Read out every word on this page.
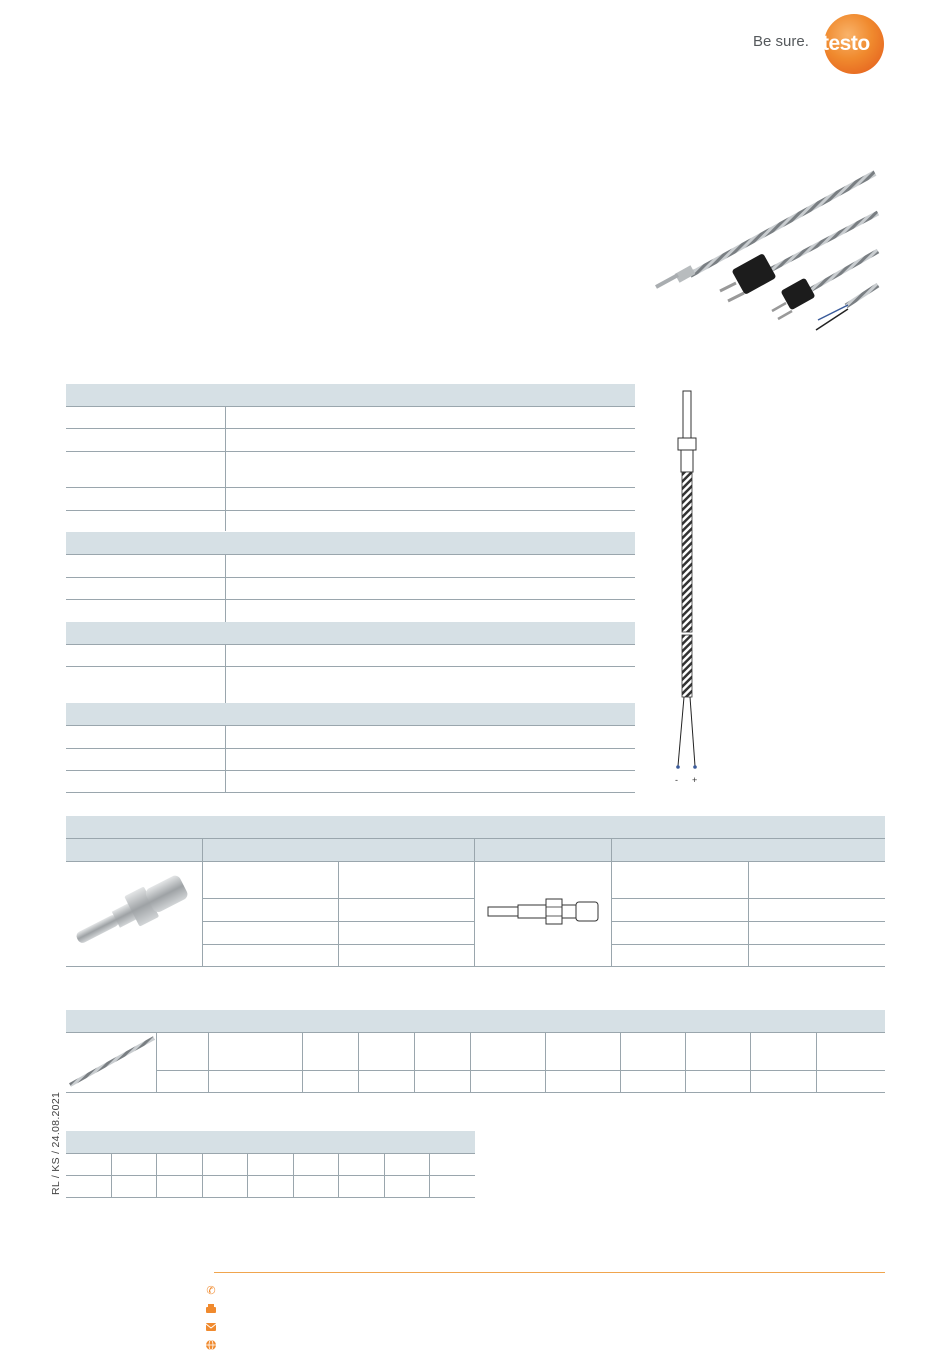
Be sure. testo
- +
RL / KS / 24.08.2021
✆
